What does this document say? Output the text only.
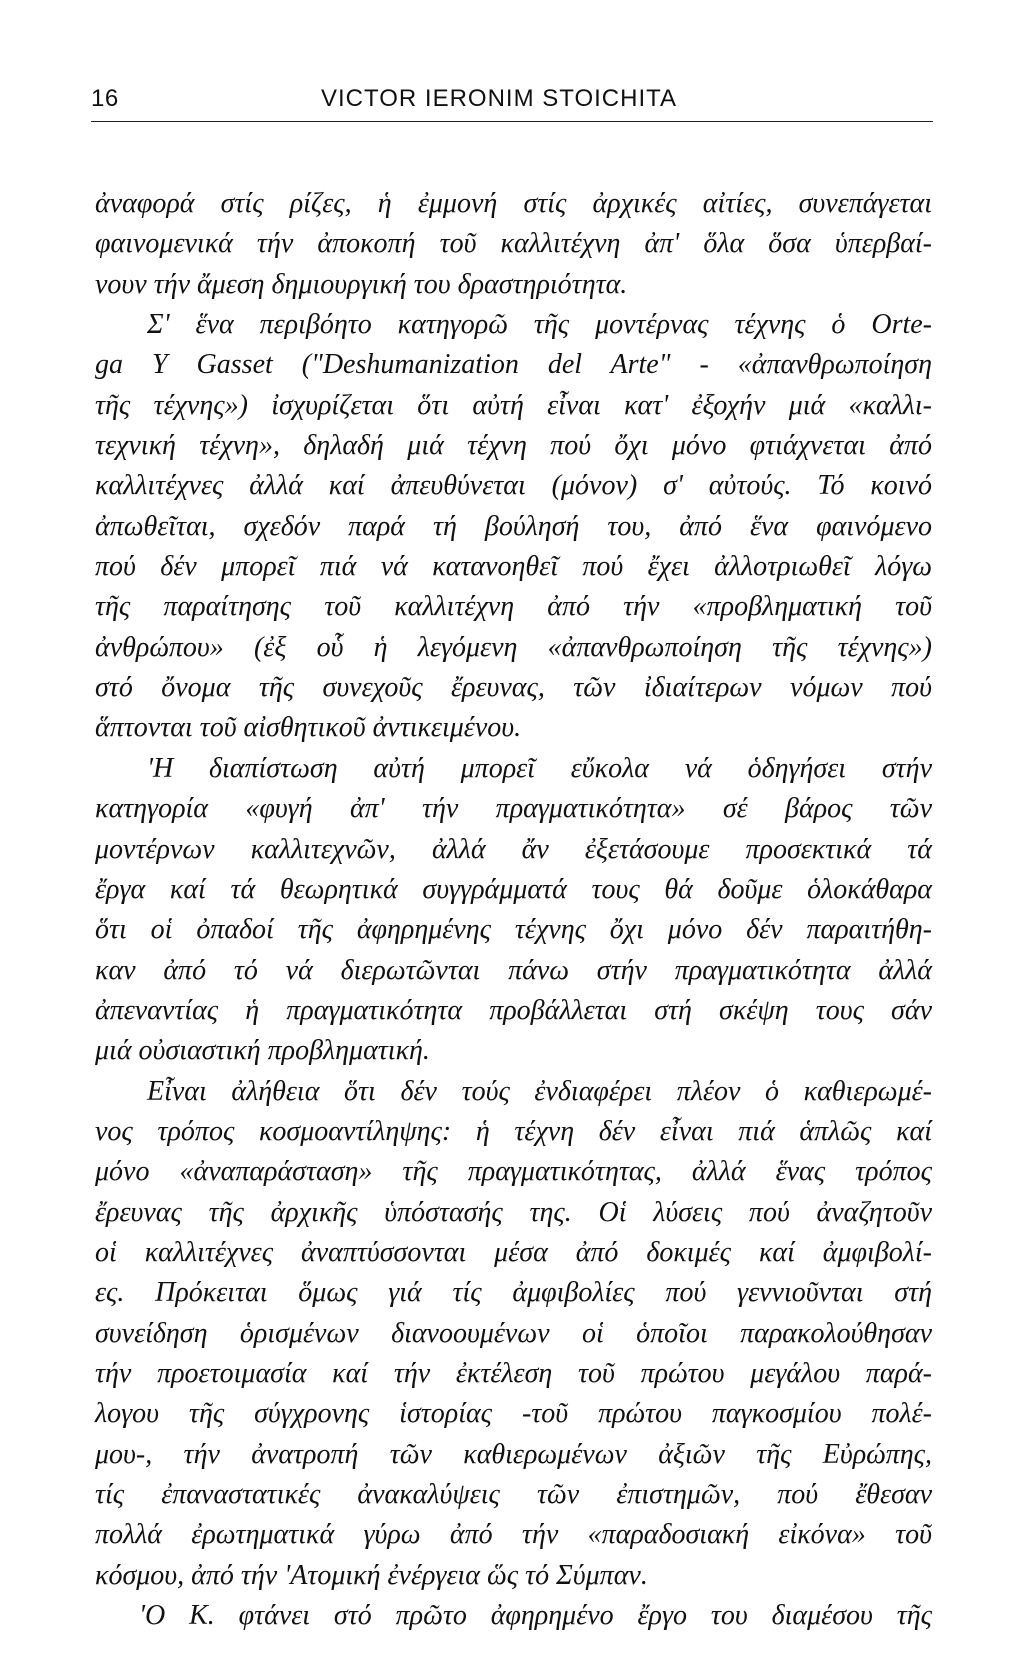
16	VICTOR IERONIM STOICHITA
ἀναφορά στίς ρίζες, ἡ ἐμμονή στίς ἀρχικές αἰτίες, συνεπάγεται
φαινομενικά τήν ἀποκοπή τοῦ καλλιτέχνη ἀπ' ὅλα ὅσα ὑπερβαί-
νουν τήν ἄμεση δημιουργική του δραστηριότητα.
Σ' ἕνα περιβόητο κατηγορῶ τῆς μοντέρνας τέχνης ὁ Orte-
ga Y Gasset ("Deshumanization del Arte" - «ἀπανθρωποίηση
τῆς τέχνης») ἰσχυρίζεται ὅτι αὐτή εἶναι κατ' ἐξοχήν μιά «καλλι-
τεχνική τέχνη», δηλαδή μιά τέχνη πού ὄχι μόνο φτιάχνεται ἀπό
καλλιτέχνες ἀλλά καί ἀπευθύνεται (μόνον) σ' αὐτούς. Τό κοινό
ἀπωθεῖται, σχεδόν παρά τή βούλησή του, ἀπό ἕνα φαινόμενο
πού δέν μπορεῖ πιά νά κατανοηθεῖ πού ἔχει ἀλλοτριωθεῖ λόγω
τῆς παραίτησης τοῦ καλλιτέχνη ἀπό τήν «προβληματική τοῦ
ἀνθρώπου» (ἐξ οὗ ἡ λεγόμενη «ἀπανθρωποίηση τῆς τέχνης»)
στό ὄνομα τῆς συνεχοῦς ἔρευνας, τῶν ἰδιαίτερων νόμων πού
ἅπτονται τοῦ αἰσθητικοῦ ἀντικειμένου.
'Η διαπίστωση αὐτή μπορεῖ εὔκολα νά ὁδηγήσει στήν
κατηγορία «φυγή ἀπ' τήν πραγματικότητα» σέ βάρος τῶν
μοντέρνων καλλιτεχνῶν, ἀλλά ἄν ἐξετάσουμε προσεκτικά τά
ἔργα καί τά θεωρητικά συγγράμματά τους θά δοῦμε ὁλοκάθαρα
ὅτι οἱ ὀπαδοί τῆς ἀφηρημένης τέχνης ὄχι μόνο δέν παραιτήθη-
καν ἀπό τό νά διερωτῶνται πάνω στήν πραγματικότητα ἀλλά
ἀπεναντίας ἡ πραγματικότητα προβάλλεται στή σκέψη τους σάν
μιά οὐσιαστική προβληματική.
Εἶναι ἀλήθεια ὅτι δέν τούς ἐνδιαφέρει πλέον ὁ καθιερωμέ-
νος τρόπος κοσμοαντίληψης: ἡ τέχνη δέν εἶναι πιά ἁπλῶς καί
μόνο «ἀναπαράσταση» τῆς πραγματικότητας, ἀλλά ἕνας τρόπος
ἔρευνας τῆς ἀρχικῆς ὑπόστασής της. Οἱ λύσεις πού ἀναζητοῦν
οἱ καλλιτέχνες ἀναπτύσσονται μέσα ἀπό δοκιμές καί ἀμφιβολί-
ες. Πρόκειται ὅμως γιά τίς ἀμφιβολίες πού γεννιοῦνται στή
συνείδηση ὁρισμένων διανοουμένων οἱ ὁποῖοι παρακολούθησαν
τήν προετοιμασία καί τήν ἐκτέλεση τοῦ πρώτου μεγάλου παρά-
λογου τῆς σύγχρονης ἱστορίας -τοῦ πρώτου παγκοσμίου πολέ-
μου-, τήν ἀνατροπή τῶν καθιερωμένων ἀξιῶν τῆς Εὐρώπης,
τίς ἐπαναστατικές ἀνακαλύψεις τῶν ἐπιστημῶν, πού ἔθεσαν
πολλά ἐρωτηματικά γύρω ἀπό τήν «παραδοσιακή εἰκόνα» τοῦ
κόσμου, ἀπό τήν 'Ατομική ἐνέργεια ὥς τό Σύμπαν.
'Ο Κ. φτάνει στό πρῶτο ἀφηρημένο ἔργο του διαμέσου τῆς
